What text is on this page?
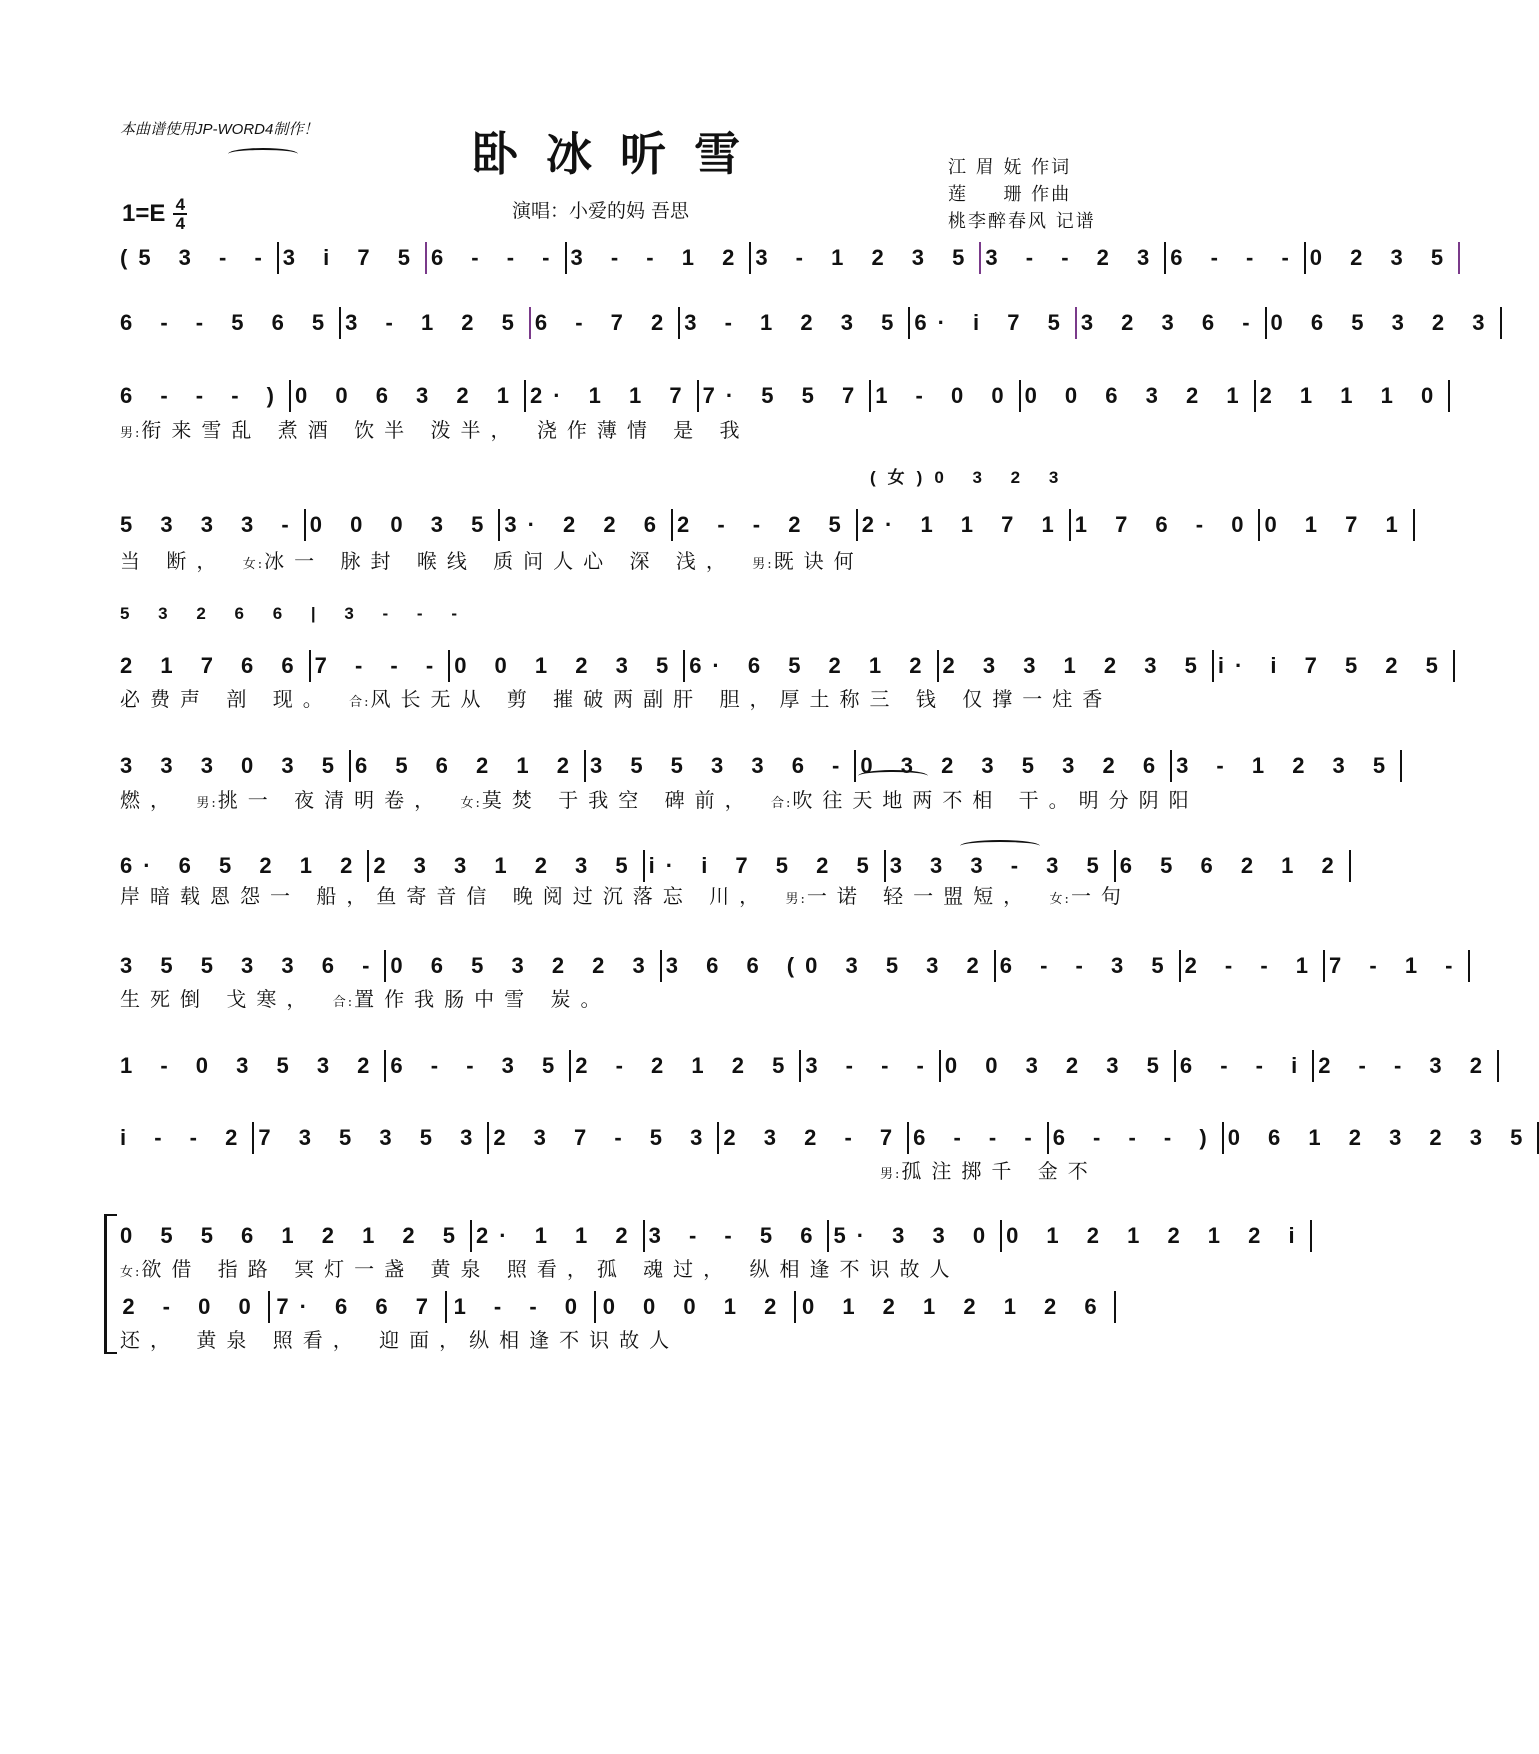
本曲谱使用JP-WORD4制作！	卧冰听雪	江 眉 妩 作词
莲 　 珊 作曲
桃李醉春风 记谱
1=E 4
4
演唱：小爱的妈 吾思
(5 3 - - 3 i 7 5 6 - - - 3 - - 1 2 3 - 1 2 3 5 3 - - 2 3 6 - - - 0 2 3 5
6 - - 5 6 5 3 - 1 2 5 6 - 7 2 3 - 1 2 3 5 6· i 7 5 3 2 3 6 - 0 6 5 3 2 3
6 - - - ) 0 0 6 3 2 1 2· 1 1 7 7· 5 5 7 1 - 0 0 0 0 6 3 2 1 2 1 1 1 0
男:衔来雪乱 煮酒 饮半 泼半， 浇作薄情 是 我
(女)0 3 2 3
5 3 3 3 - 0 0 0 3 5 3· 2 2 6 2 - - 2 5 2· 1 1 7 1 1 7 6 - 0 0 1 7 1
当 断， 女:冰一 脉封 喉线 质问人心 深 浅， 男:既诀何
5 3 2 6 6 | 3 - - -
2 1 7 6 6 7 - - - 0 0 1 2 3 5 6· 6 5 2 1 2 2 3 3 1 2 3 5 i· i 7 5 2 5
必费声 剖 现。 合:风长无从 剪 摧破两副肝 胆，厚土称三 钱 仅撑一炷香
3 3 3 0 3 5 6 5 6 2 1 2 3 5 5 3 3 6 - 0 3 2 3 5 3 2 6 3 - 1 2 3 5
燃， 男:挑一 夜清明卷， 女:莫焚 于我空 碑前， 合:吹往天地两不相 干。明分阴阳
6· 6 5 2 1 2 2 3 3 1 2 3 5 i· i 7 5 2 5 3 3 3 - 3 5 6 5 6 2 1 2
岸暗载恩怨一 船，鱼寄音信 晚阅过沉落忘 川， 男:一诺 轻一盟短， 女:一句
3 5 5 3 3 6 - 0 6 5 3 2 2 3 3 6 6 (0 3 5 3 2 6 - - 3 5 2 - - 1 7 - 1 -
生死倒 戈寒， 合:置作我肠中雪 炭。
1 - 0 3 5 3 2 6 - - 3 5 2 - 2 1 2 5 3 - - - 0 0 3 2 3 5 6 - - i 2 - - 3 2
i - - 2 7 3 5 3 5 3 2 3 7 - 5 3 2 3 2 - 7 6 - - - 6 - - - ) 0 6 1 2 3 2 3 5
男:孤注掷千 金不
0 5 5 6 1 2 1 2 5 2· 1 1 2 3 - - 5 6 5· 3 3 0 0 1 2 1 2 1 2 i
女:欲借 指路 冥灯一盏 黄泉 照看，孤 魂过， 纵相逢不识故人
2 - 0 0 7· 6 6 7 1 - - 0 0 0 0 1 2 0 1 2 1 2 1 2 6
还， 黄泉 照看， 迎面，纵相逢不识故人
